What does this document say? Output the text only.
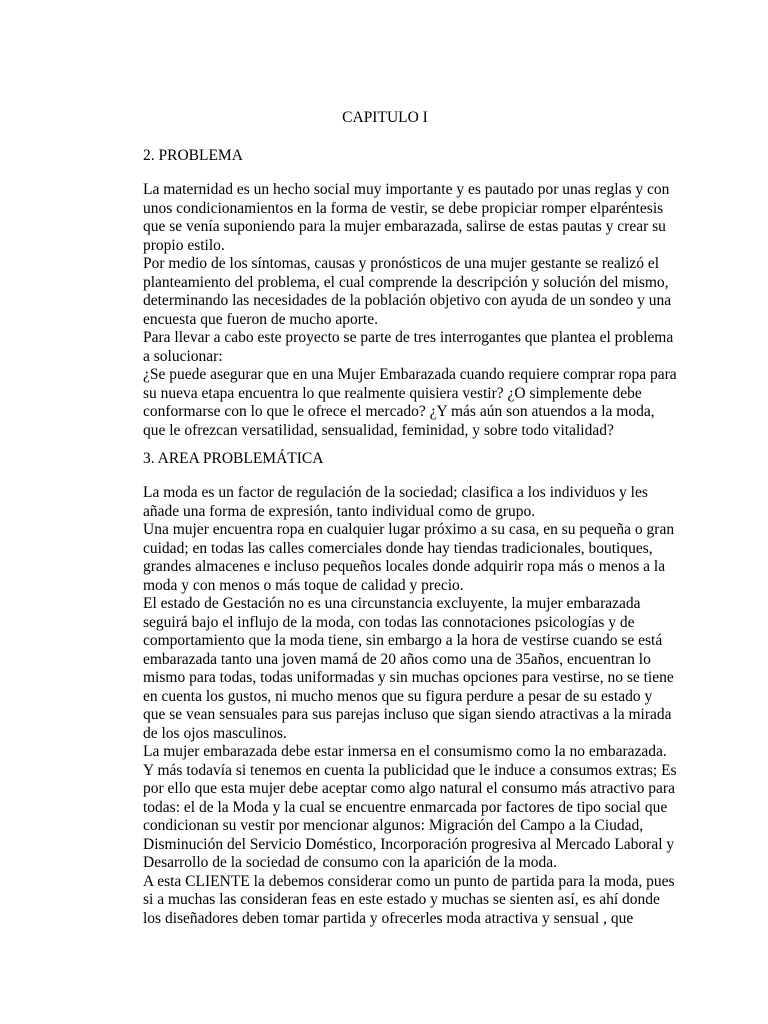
CAPITULO I
2. PROBLEMA
La maternidad es un hecho social muy importante y es pautado por unas reglas y con
unos condicionamientos en la forma de vestir, se debe propiciar romper elparéntesis
que se venía suponiendo para la mujer embarazada, salirse de estas pautas y crear su
propio estilo.
Por medio de los síntomas, causas y pronósticos de una mujer gestante se realizó el
planteamiento del problema, el cual comprende la descripción y solución del mismo,
determinando las necesidades de la población objetivo con ayuda de un sondeo y una
encuesta que fueron de mucho aporte.
Para llevar a cabo este proyecto se parte de tres interrogantes que plantea el problema
a solucionar:
¿Se puede asegurar que en una Mujer Embarazada cuando requiere comprar ropa para
su nueva etapa encuentra lo que realmente quisiera vestir? ¿O simplemente debe
conformarse con lo que le ofrece el mercado? ¿Y más aún son atuendos a la moda,
que le ofrezcan versatilidad, sensualidad, feminidad, y sobre todo vitalidad?
3. AREA PROBLEMÁTICA
La moda es un factor de regulación de la sociedad; clasifica a los individuos y les
añade una forma de expresión, tanto individual como de grupo.
Una mujer encuentra ropa en cualquier lugar próximo a su casa, en su pequeña o gran
cuidad; en todas las calles comerciales donde hay tiendas tradicionales, boutiques,
grandes almacenes e incluso pequeños locales donde adquirir ropa más o menos a la
moda y con menos o más toque de calidad y precio.
El estado de Gestación no es una circunstancia excluyente, la mujer embarazada
seguirá bajo el influjo de la moda, con todas las connotaciones psicologías y de
comportamiento que la moda tiene, sin embargo a la hora de vestirse cuando se está
embarazada tanto una joven mamá de 20 años como una de 35años, encuentran lo
mismo para todas, todas uniformadas y sin muchas opciones para vestirse, no se tiene
en cuenta los gustos, ni mucho menos que su figura perdure a pesar de su estado y
que se vean sensuales para sus parejas incluso que sigan siendo atractivas a la mirada
de los ojos masculinos.
La mujer embarazada debe estar inmersa en el consumismo como la no embarazada.
Y más todavía si tenemos en cuenta la publicidad que le induce a consumos extras; Es
por ello que esta mujer debe aceptar como algo natural el consumo más atractivo para
todas: el de la Moda y la cual se encuentre enmarcada por factores de tipo social que
condicionan su vestir por mencionar algunos: Migración del Campo a la Ciudad,
Disminución del Servicio Doméstico, Incorporación progresiva al Mercado Laboral y
Desarrollo de la sociedad de consumo con la aparición de la moda.
A esta CLIENTE la debemos considerar como un punto de partida para la moda, pues
si a muchas las consideran feas en este estado y muchas se sienten así, es ahí donde
los diseñadores deben tomar partida y ofrecerles moda atractiva y sensual , que
